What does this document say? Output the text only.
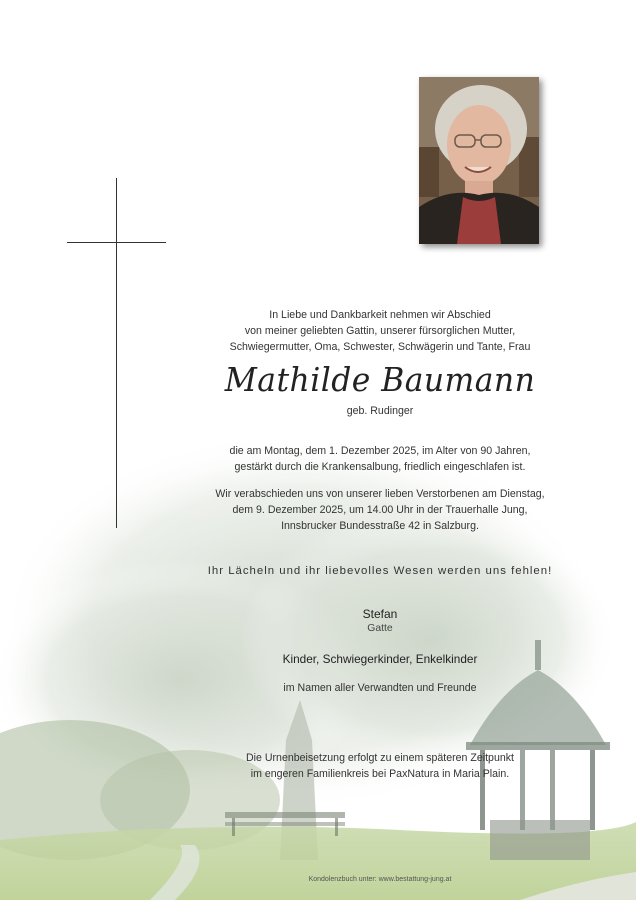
In Liebe und Dankbarkeit nehmen wir Abschied
von meiner geliebten Gattin, unserer fürsorglichen Mutter,
Schwiegermutter, Oma, Schwester, Schwägerin und Tante, Frau
Mathilde Baumann
geb. Rudinger
die am Montag, dem 1. Dezember 2025, im Alter von 90 Jahren,
gestärkt durch die Krankensalbung, friedlich eingeschlafen ist.
Wir verabschieden uns von unserer lieben Verstorbenen am Dienstag,
dem 9. Dezember 2025, um 14.00 Uhr in der Trauerhalle Jung,
Innsbrucker Bundesstraße 42 in Salzburg.
Ihr Lächeln und ihr liebevolles Wesen werden uns fehlen!
Stefan
Gatte
Kinder, Schwiegerkinder, Enkelkinder
im Namen aller Verwandten und Freunde
Die Urnenbeisetzung erfolgt zu einem späteren Zeitpunkt
im engeren Familienkreis bei PaxNatura in Maria Plain.
Kondolenzbuch unter: www.bestattung-jung.at
